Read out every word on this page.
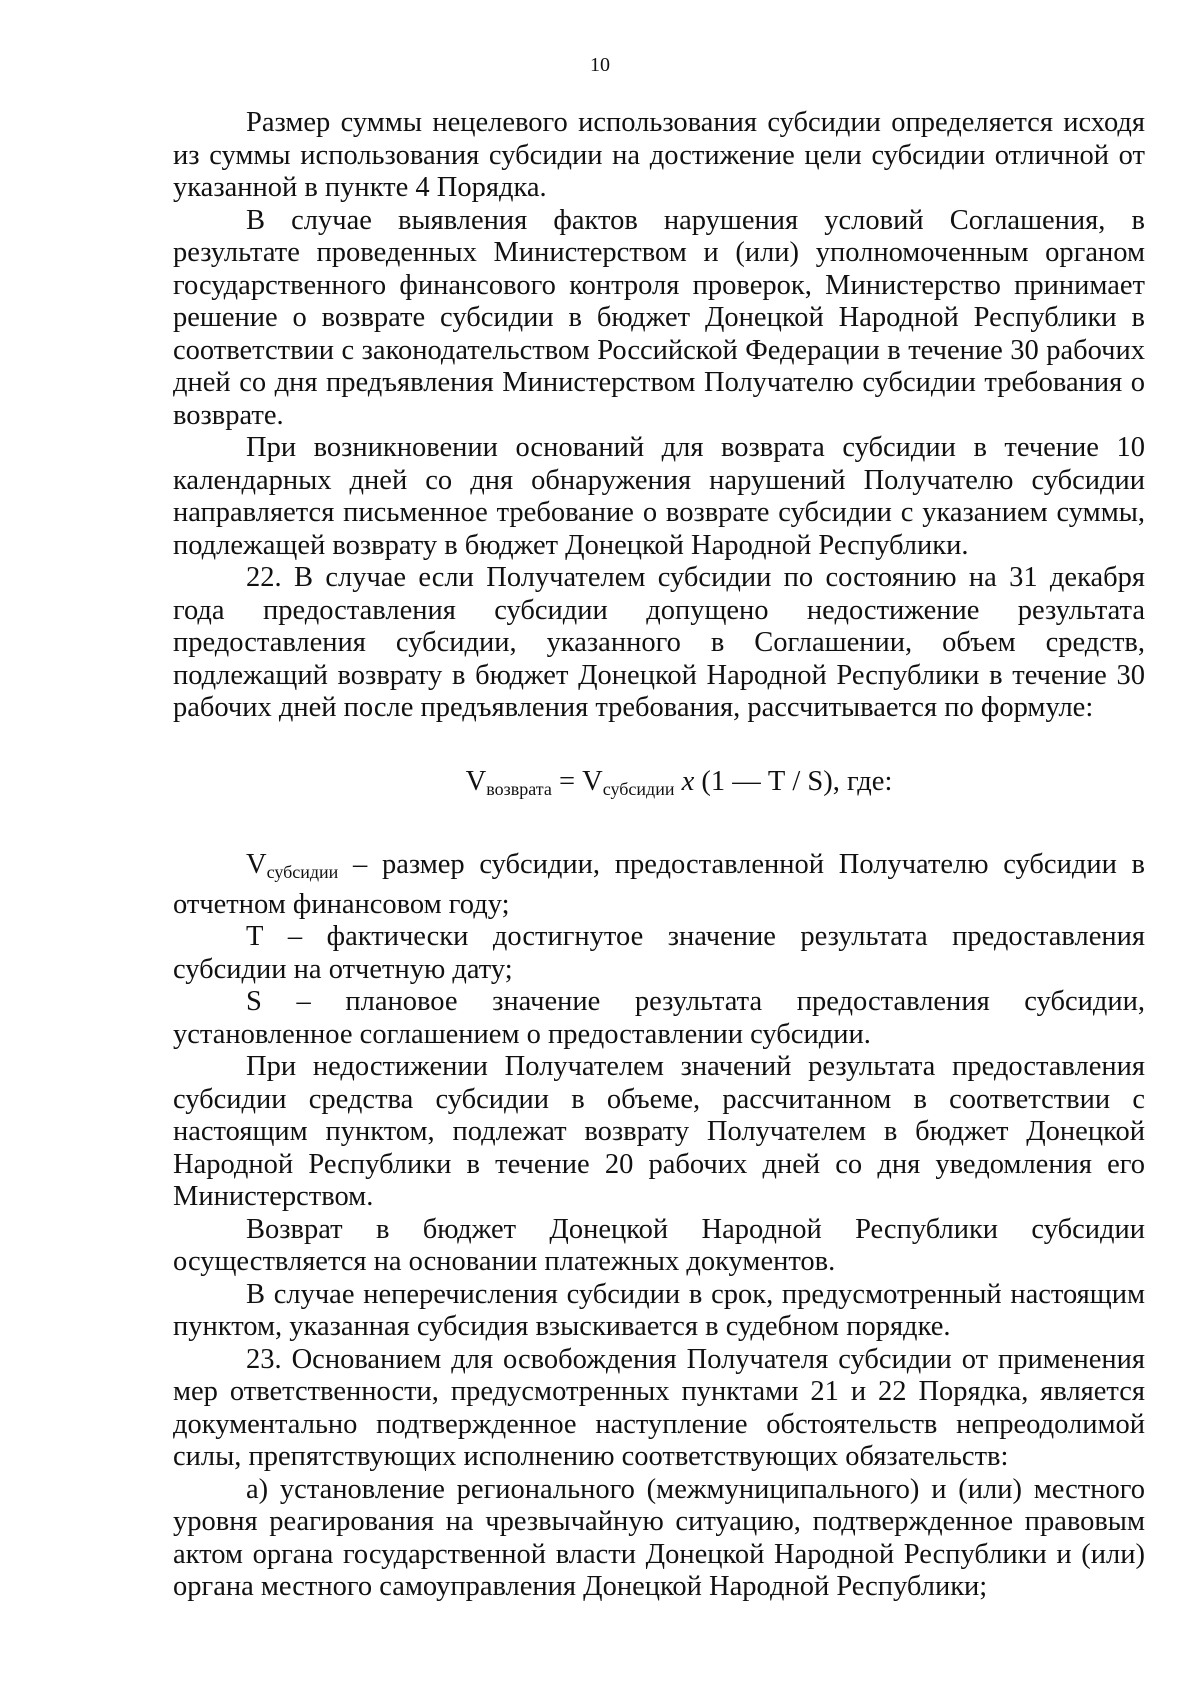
10

Размер суммы нецелевого использования субсидии определяется исходя из суммы использования субсидии на достижение цели субсидии отличной от указанной в пункте 4 Порядка.

В случае выявления фактов нарушения условий Соглашения, в результате проведенных Министерством и (или) уполномоченным органом государственного финансового контроля проверок, Министерство принимает решение о возврате субсидии в бюджет Донецкой Народной Республики в соответствии с законодательством Российской Федерации в течение 30 рабочих дней со дня предъявления Министерством Получателю субсидии требования о возврате.

При возникновении оснований для возврата субсидии в течение 10 календарных дней со дня обнаружения нарушений Получателю субсидии направляется письменное требование о возврате субсидии с указанием суммы, подлежащей возврату в бюджет Донецкой Народной Республики.

22. В случае если Получателем субсидии по состоянию на 31 декабря года предоставления субсидии допущено недостижение результата предоставления субсидии, указанного в Соглашении, объем средств, подлежащий возврату в бюджет Донецкой Народной Республики в течение 30 рабочих дней после предъявления требования, рассчитывается по формуле:

$V_{возврата} = V_{субсидии}$ x (1 — Т / S), где:

$V_{субсидии}$ – размер субсидии, предоставленной Получателю субсидии в отчетном финансовом году;

Т – фактически достигнутое значение результата предоставления субсидии на отчетную дату;

S – плановое значение результата предоставления субсидии, установленное соглашением о предоставлении субсидии.

При недостижении Получателем значений результата предоставления субсидии средства субсидии в объеме, рассчитанном в соответствии с настоящим пунктом, подлежат возврату Получателем в бюджет Донецкой Народной Республики в течение 20 рабочих дней со дня уведомления его Министерством.

Возврат в бюджет Донецкой Народной Республики субсидии осуществляется на основании платежных документов.

В случае неперечисления субсидии в срок, предусмотренный настоящим пунктом, указанная субсидия взыскивается в судебном порядке.

23. Основанием для освобождения Получателя субсидии от применения мер ответственности, предусмотренных пунктами 21 и 22 Порядка, является документально подтвержденное наступление обстоятельств непреодолимой силы, препятствующих исполнению соответствующих обязательств:

а) установление регионального (межмуниципального) и (или) местного уровня реагирования на чрезвычайную ситуацию, подтвержденное правовым актом органа государственной власти Донецкой Народной Республики и (или) органа местного самоуправления Донецкой Народной Республики;
